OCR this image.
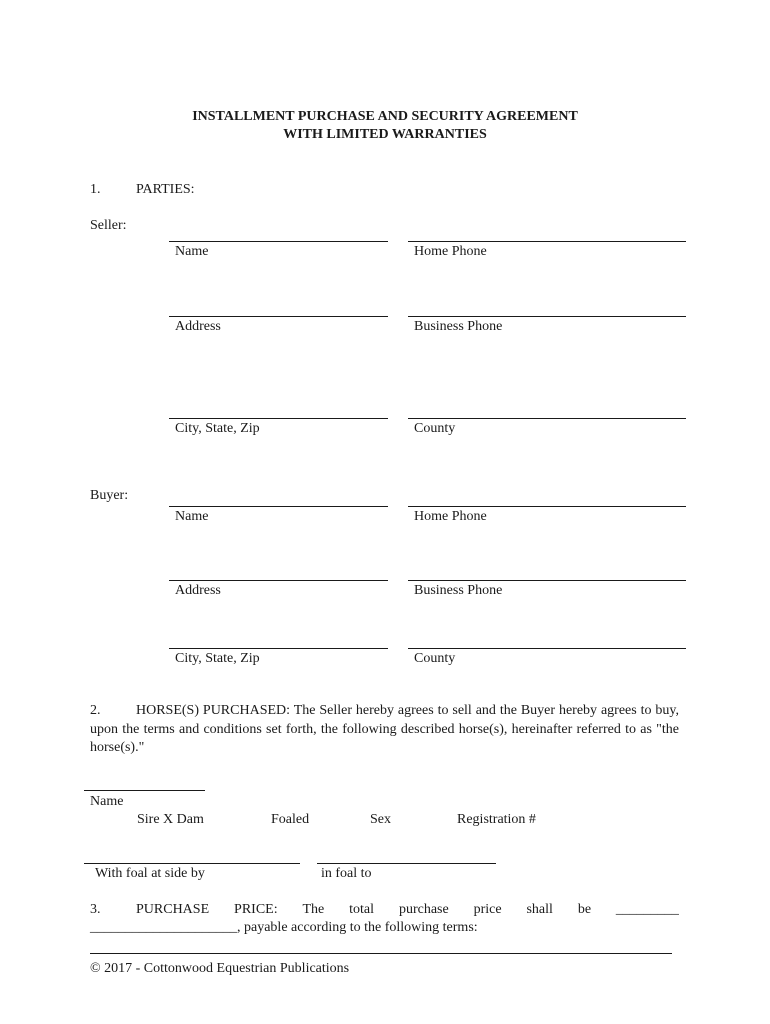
INSTALLMENT PURCHASE AND SECURITY AGREEMENT
WITH LIMITED WARRANTIES
1.	PARTIES:
Seller:
Name	Home Phone
Address	Business Phone
City, State, Zip	County
Buyer:
Name	Home Phone
Address	Business Phone
City, State, Zip	County
2.	HORSE(S) PURCHASED: The Seller hereby agrees to sell and the Buyer hereby agrees to buy, upon the terms and conditions set forth, the following described horse(s), hereinafter referred to as "the horse(s)."
Name
Sire X Dam	Foaled	Sex	Registration #
With foal at side by	in foal to
3.	PURCHASE PRICE: The total purchase price shall be _________
_____________________, payable according to the following terms:
© 2017 - Cottonwood Equestrian Publications
